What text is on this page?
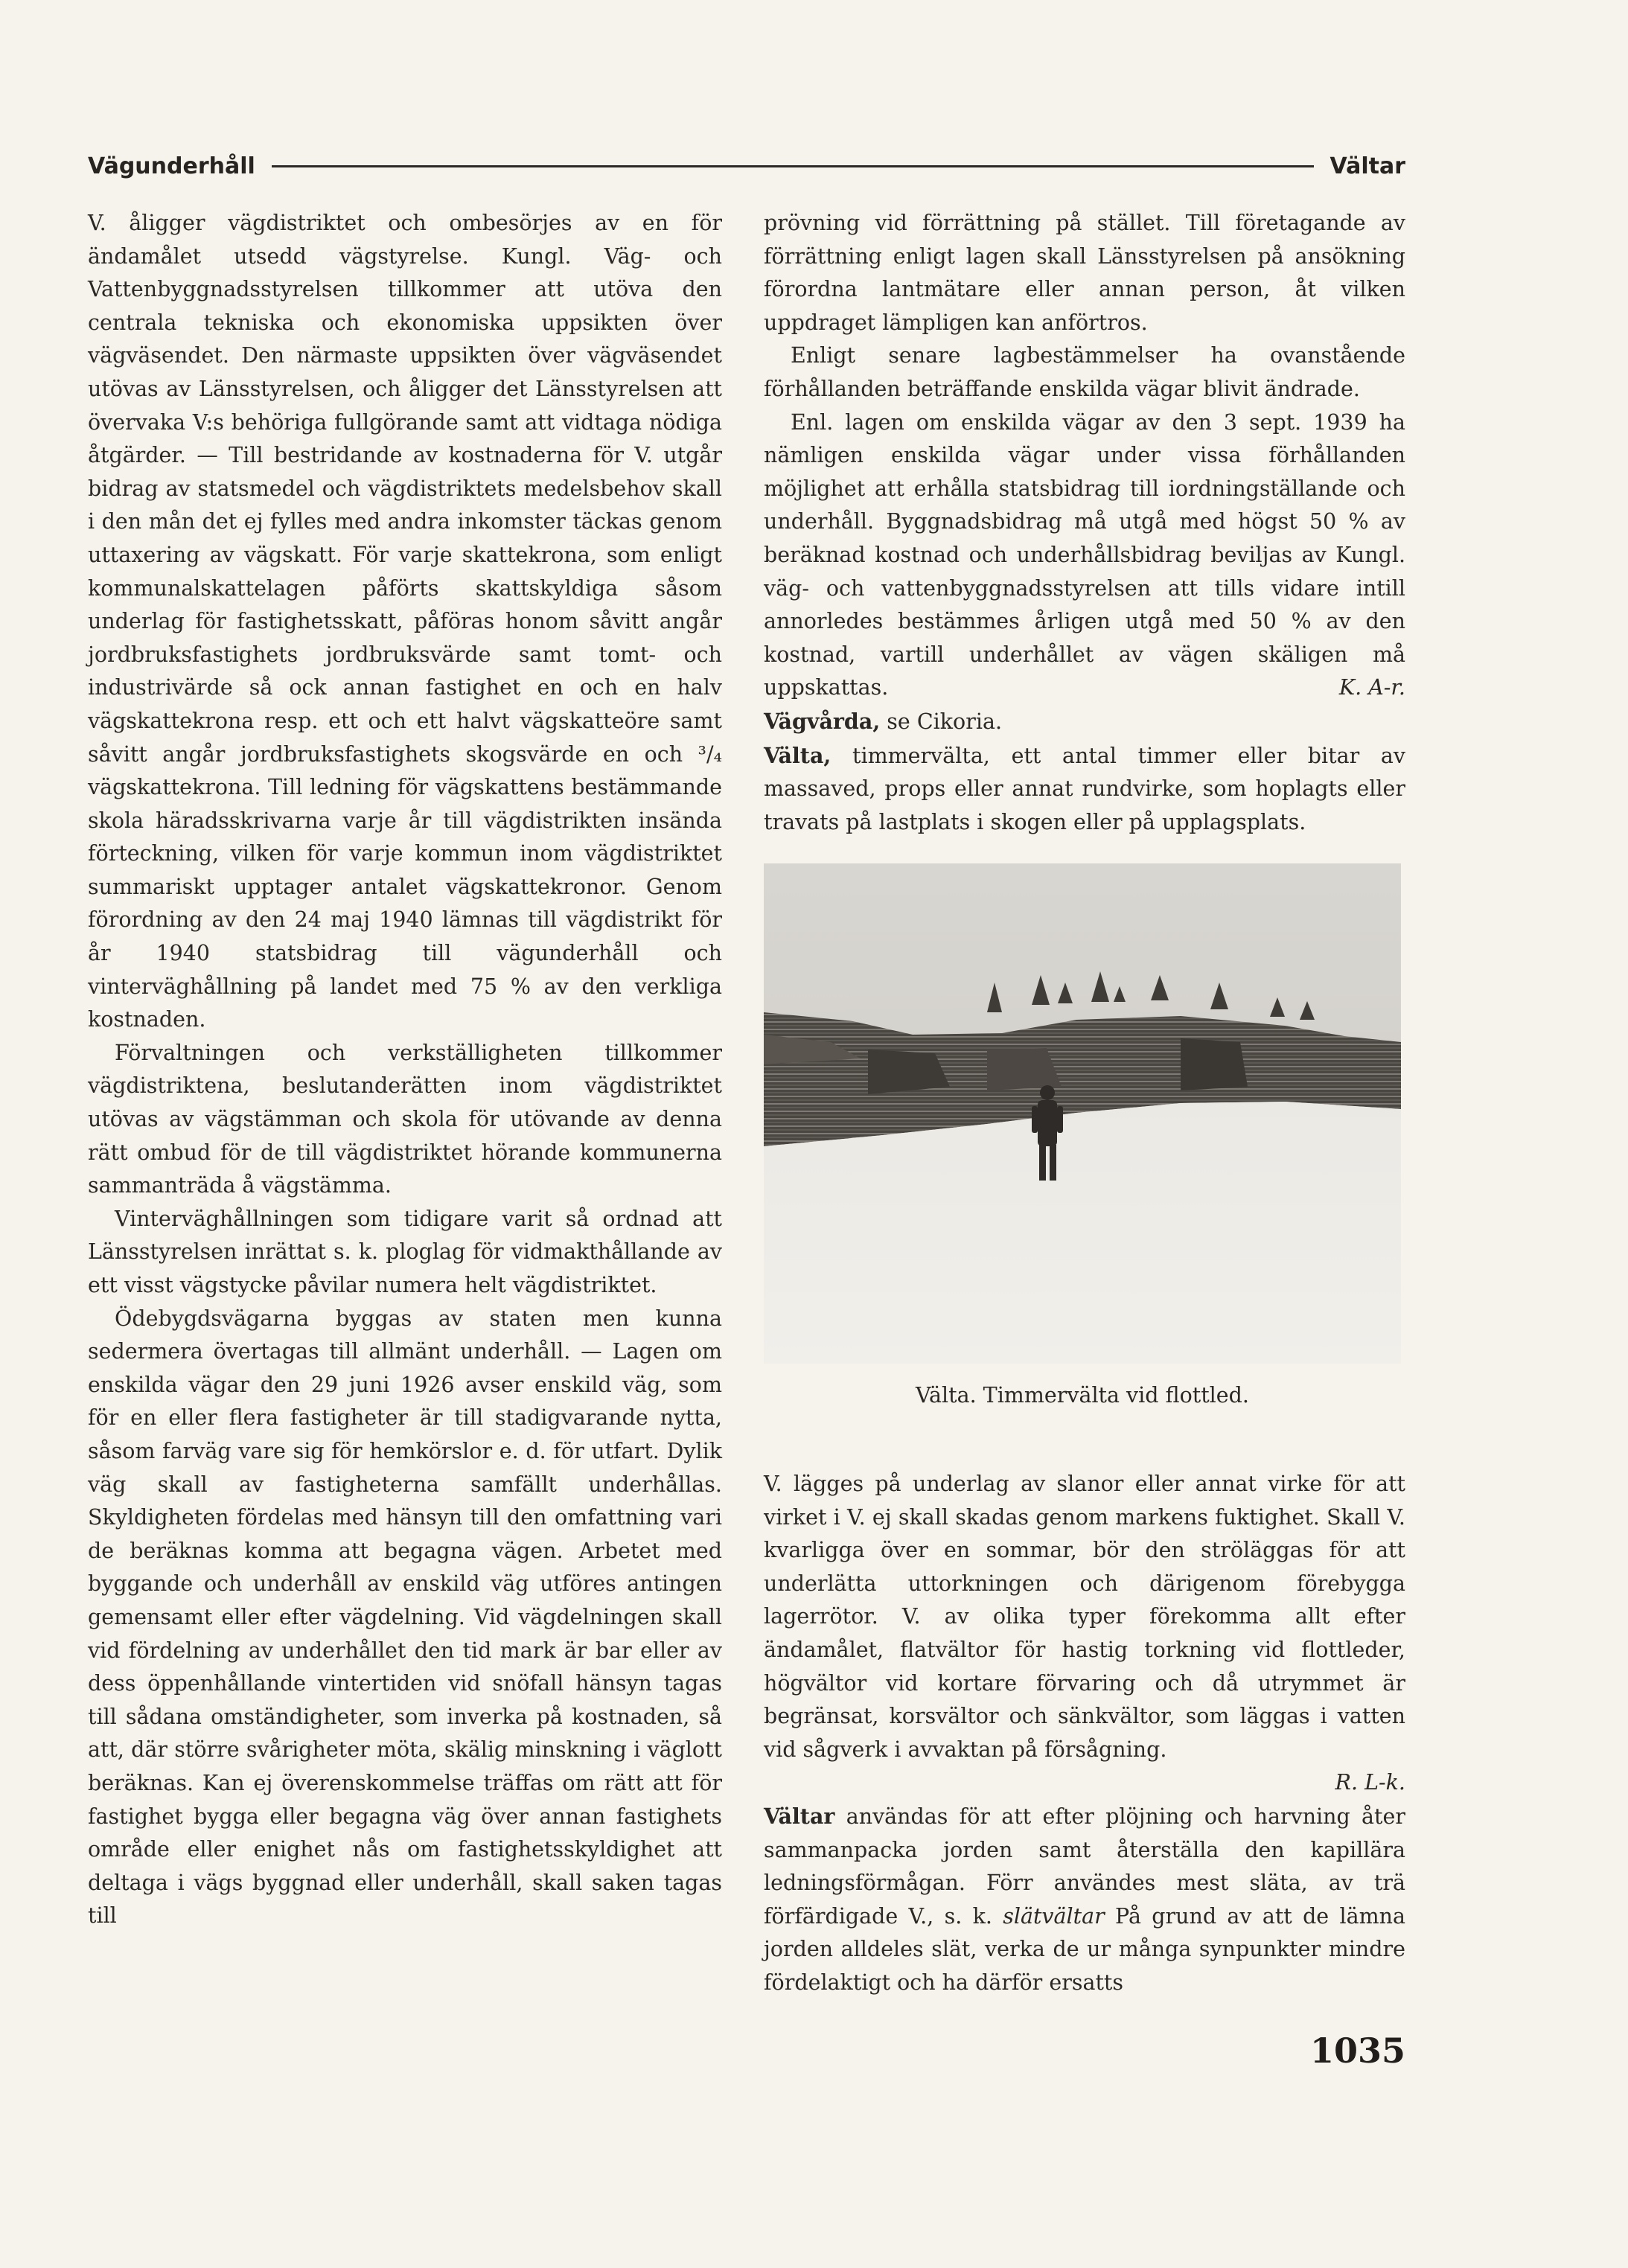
Vägunderhåll	Vältar

V. åligger vägdistriktet och ombesörjes av en för ändamålet utsedd vägstyrelse. Kungl. Väg- och Vattenbyggnadsstyrelsen tillkommer att utöva den centrala tekniska och ekonomiska uppsikten över vägväsendet. Den närmaste uppsikten över vägväsendet utövas av Länsstyrelsen, och åligger det Länsstyrelsen att övervaka V:s behöriga fullgörande samt att vidtaga nödiga åtgärder. — Till bestridande av kostnaderna för V. utgår bidrag av statsmedel och vägdistriktets medelsbehov skall i den mån det ej fylles med andra inkomster täckas genom uttaxering av vägskatt. För varje skattekrona, som enligt kommunalskattelagen påförts skattskyldiga såsom underlag för fastighetsskatt, påföras honom såvitt angår jordbruksfastighets jordbruksvärde samt tomt- och industrivärde så ock annan fastighet en och en halv vägskattekrona resp. ett och ett halvt vägskatteöre samt såvitt angår jordbruksfastighets skogsvärde en och ³/₄ vägskattekrona. Till ledning för vägskattens bestämmande skola häradsskrivarna varje år till vägdistrikten insända förteckning, vilken för varje kommun inom vägdistriktet summariskt upptager antalet vägskattekronor. Genom förordning av den 24 maj 1940 lämnas till vägdistrikt för år 1940 statsbidrag till vägunderhåll och vinterväghållning på landet med 75 % av den verkliga kostnaden.

Förvaltningen och verkställigheten tillkommer vägdistriktena, beslutanderätten inom vägdistriktet utövas av vägstämman och skola för utövande av denna rätt ombud för de till vägdistriktet hörande kommunerna sammanträda å vägstämma.

Vinterväghållningen som tidigare varit så ordnad att Länsstyrelsen inrättat s. k. ploglag för vidmakthållande av ett visst vägstycke påvilar numera helt vägdistriktet.

Ödebygdsvägarna byggas av staten men kunna sedermera övertagas till allmänt underhåll. — Lagen om enskilda vägar den 29 juni 1926 avser enskild väg, som för en eller flera fastigheter är till stadigvarande nytta, såsom farväg vare sig för hemkörslor e. d. för utfart. Dylik väg skall av fastigheterna samfällt underhållas. Skyldigheten fördelas med hänsyn till den omfattning vari de beräknas komma att begagna vägen. Arbetet med byggande och underhåll av enskild väg utföres antingen gemensamt eller efter vägdelning. Vid vägdelningen skall vid fördelning av underhållet den tid mark är bar eller av dess öppenhållande vintertiden vid snöfall hänsyn tagas till sådana omständigheter, som inverka på kostnaden, så att, där större svårigheter möta, skälig minskning i väglott beräknas. Kan ej överenskommelse träffas om rätt att för fastighet bygga eller begagna väg över annan fastighets område eller enighet nås om fastighetsskyldighet att deltaga i vägs byggnad eller underhåll, skall saken tagas till

prövning vid förrättning på stället. Till företagande av förrättning enligt lagen skall Länsstyrelsen på ansökning förordna lantmätare eller annan person, åt vilken uppdraget lämpligen kan anförtros.

Enligt senare lagbestämmelser ha ovanstående förhållanden beträffande enskilda vägar blivit ändrade.

Enl. lagen om enskilda vägar av den 3 sept. 1939 ha nämligen enskilda vägar under vissa förhållanden möjlighet att erhålla statsbidrag till iordningställande och underhåll. Byggnadsbidrag må utgå med högst 50 % av beräknad kostnad och underhållsbidrag beviljas av Kungl. väg- och vattenbyggnadsstyrelsen att tills vidare intill annorledes bestämmes årligen utgå med 50 % av den kostnad, vartill underhållet av vägen skäligen må uppskattas.	K. A-r.

Vägvårda, se Cikoria.

Välta, timmervälta, ett antal timmer eller bitar av massaved, props eller annat rundvirke, som hoplagts eller travats på lastplats i skogen eller på upplagsplats.

Välta. Timmervälta vid flottled.

V. lägges på underlag av slanor eller annat virke för att virket i V. ej skall skadas genom markens fuktighet. Skall V. kvarligga över en sommar, bör den ströläggas för att underlätta uttorkningen och därigenom förebygga lagerrötor. V. av olika typer förekomma allt efter ändamålet, flatvältor för hastig torkning vid flottleder, högvältor vid kortare förvaring och då utrymmet är begränsat, korsvältor och sänkvältor, som läggas i vatten vid sågverk i avvaktan på försågning.

R. L-k.

Vältar användas för att efter plöjning och harvning åter sammanpacka jorden samt återställa den kapillära ledningsförmågan. Förr användes mest släta, av trä förfärdigade V., s. k. slätvältar På grund av att de lämna jorden alldeles slät, verka de ur många synpunkter mindre fördelaktigt och ha därför ersatts

1035
